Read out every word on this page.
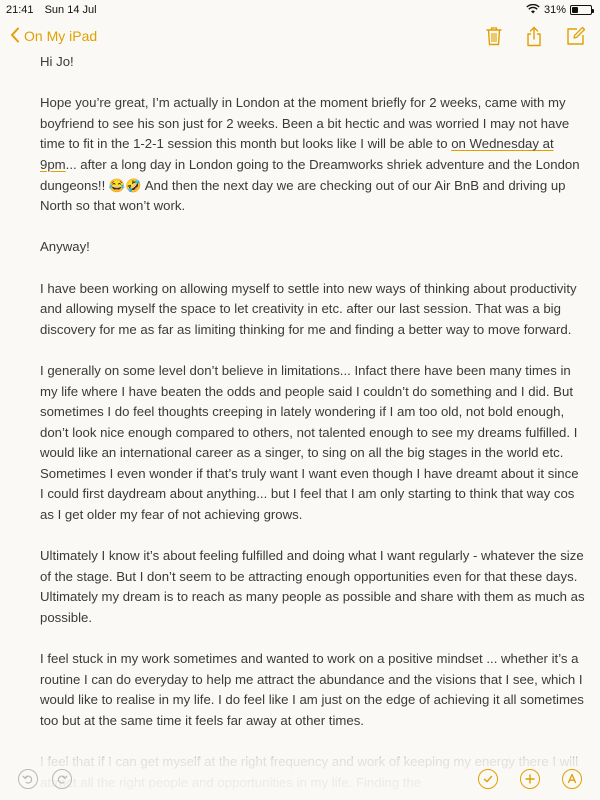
21:41 Sun 14 Jul	31%
On My iPad

Hi Jo!

Hope you’re great, I’m actually in London at the moment briefly for 2 weeks, came with my boyfriend to see his son just for 2 weeks. Been a bit hectic and was worried I may not have time to fit in the 1-2-1 session this month but looks like I will be able to on Wednesday at 9pm... after a long day in London going to the Dreamworks shriek adventure and the London dungeons!! 😂🤣 And then the next day we are checking out of our Air BnB and driving up North so that won’t work.

Anyway!

I have been working on allowing myself to settle into new ways of thinking about productivity and allowing myself the space to let creativity in etc. after our last session. That was a big discovery for me as far as limiting thinking for me and finding a better way to move forward.

I generally on some level don’t believe in limitations... Infact there have been many times in my life where I have beaten the odds and people said I couldn’t do something and I did. But sometimes I do feel thoughts creeping in lately wondering if I am too old, not bold enough, don’t look nice enough compared to others, not talented enough to see my dreams fulfilled. I would like an international career as a singer, to sing on all the big stages in the world etc. Sometimes I even wonder if that’s truly want I want even though I have dreamt about it since I could first daydream about anything... but I feel that I am only starting to think that way cos as I get older my fear of not achieving grows.

Ultimately I know it’s about feeling fulfilled and doing what I want regularly - whatever the size of the stage. But I don’t seem to be attracting enough opportunities even for that these days. Ultimately my dream is to reach as many people as possible and share with them as much as possible.

I feel stuck in my work sometimes and wanted to work on a positive mindset ... whether it’s a routine I can do everyday to help me attract the abundance and the visions that I see, which I would like to realise in my life. I do feel like I am just on the edge of achieving it all sometimes too but at the same time it feels far away at other times.
